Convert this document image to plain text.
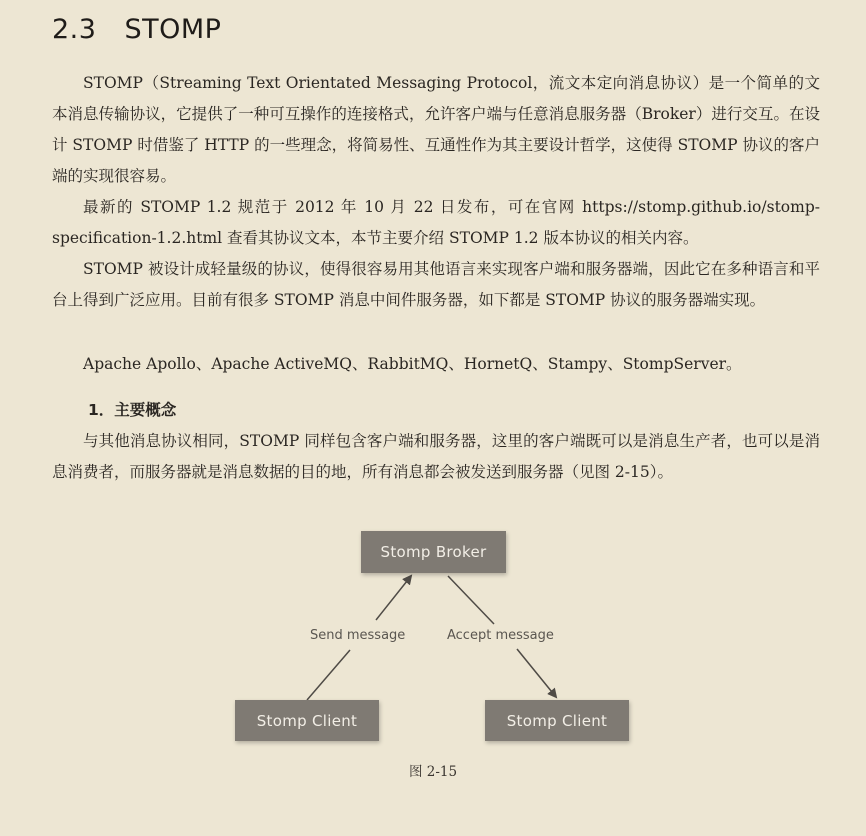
2.3 STOMP
STOMP（Streaming Text Orientated Messaging Protocol，流文本定向消息协议）是一个简单的文本消息传输协议，它提供了一种可互操作的连接格式，允许客户端与任意消息服务器（Broker）进行交互。在设计 STOMP 时借鉴了 HTTP 的一些理念，将简易性、互通性作为其主要设计哲学，这使得 STOMP 协议的客户端的实现很容易。
最新的 STOMP 1.2 规范于 2012 年 10 月 22 日发布，可在官网 https://stomp.github.io/stomp-specification-1.2.html 查看其协议文本，本节主要介绍 STOMP 1.2 版本协议的相关内容。
STOMP 被设计成轻量级的协议，使得很容易用其他语言来实现客户端和服务器端，因此它在多种语言和平台上得到广泛应用。目前有很多 STOMP 消息中间件服务器，如下都是 STOMP 协议的服务器端实现。
Apache Apollo、Apache ActiveMQ、RabbitMQ、HornetQ、Stampy、StompServer。
1．主要概念
与其他消息协议相同，STOMP 同样包含客户端和服务器，这里的客户端既可以是消息生产者，也可以是消息消费者，而服务器就是消息数据的目的地，所有消息都会被发送到服务器（见图 2-15）。
Stomp Broker
Stomp Client	Stomp Client
Send message	Accept message
图 2-15
